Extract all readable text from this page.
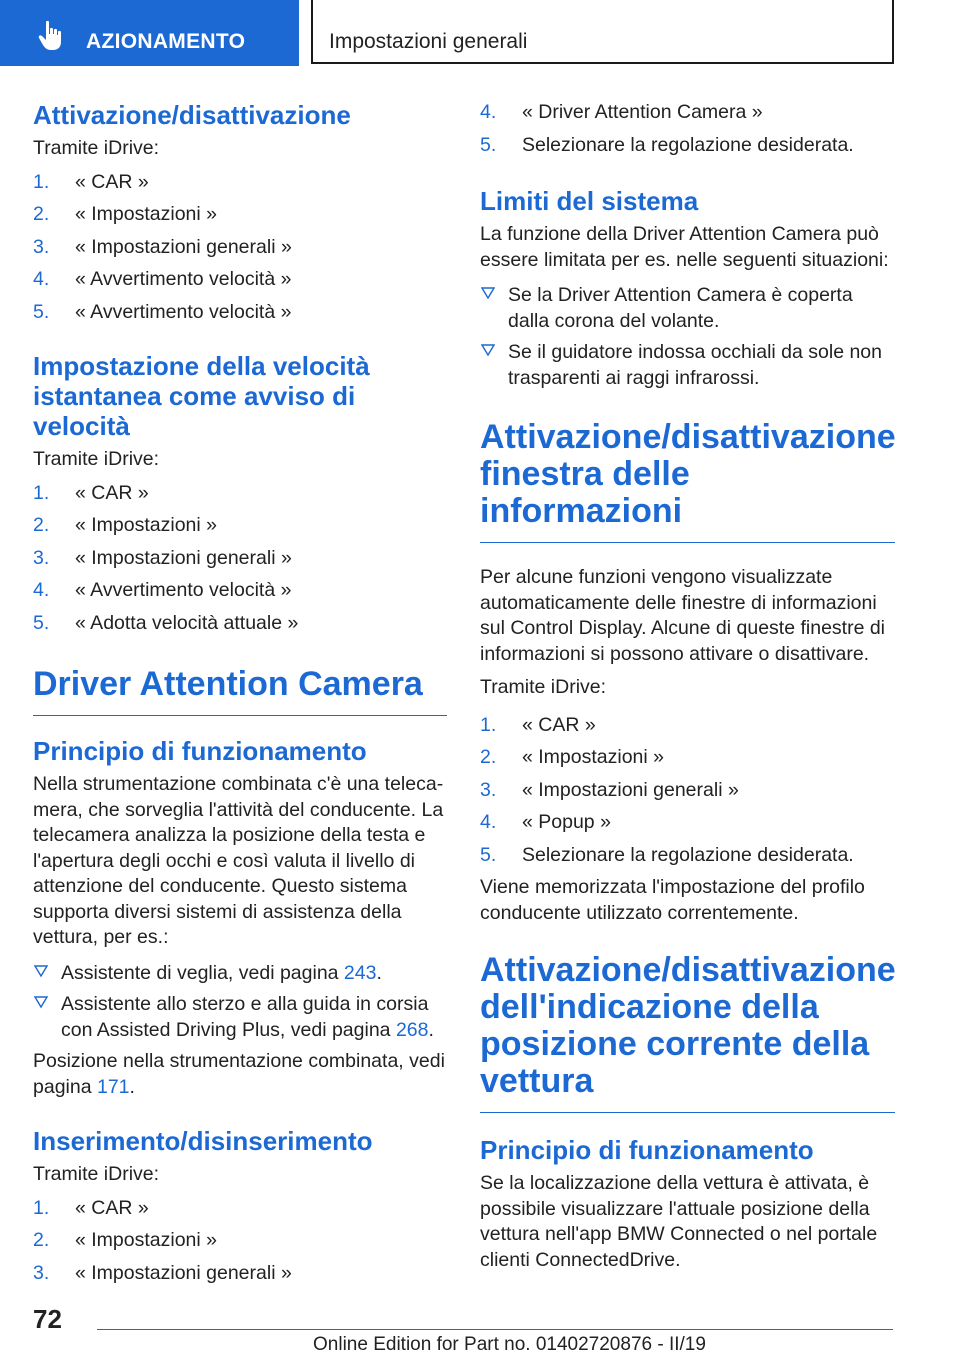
AZIONAMENTO	Impostazioni generali
Attivazione/disattivazione

Tramite iDrive:

1. « CAR »
2. « Impostazioni »
3. « Impostazioni generali »
4. « Avvertimento velocità »
5. « Avvertimento velocità »
Impostazione della velocità istantanea come avviso di velocità

Tramite iDrive:

1. « CAR »
2. « Impostazioni »
3. « Impostazioni generali »
4. « Avvertimento velocità »
5. « Adotta velocità attuale »
Driver Attention Camera
Principio di funzionamento

Nella strumentazione combinata c'è una telecamera, che sorveglia l'attività del conducente. La telecamera analizza la posizione della testa e l'apertura degli occhi e così valuta il livello di attenzione del conducente. Questo sistema supporta diversi sistemi di assistenza della vettura, per es.:

Assistente di veglia, vedi pagina 243.
Assistente allo sterzo e alla guida in corsia con Assisted Driving Plus, vedi pagina 268.

Posizione nella strumentazione combinata, vedi pagina 171.

Inserimento/disinserimento

Tramite iDrive:

1. « CAR »
2. « Impostazioni »
3. « Impostazioni generali »
4. « Driver Attention Camera »
5. Selezionare la regolazione desiderata.
Limiti del sistema

La funzione della Driver Attention Camera può essere limitata per es. nelle seguenti situazioni:

Se la Driver Attention Camera è coperta dalla corona del volante.
Se il guidatore indossa occhiali da sole non trasparenti ai raggi infrarossi.
Attivazione/disattivazione finestra delle informazioni

Per alcune funzioni vengono visualizzate automaticamente delle finestre di informazioni sul Control Display. Alcune di queste finestre di informazioni si possono attivare o disattivare.

Tramite iDrive:

1. « CAR »
2. « Impostazioni »
3. « Impostazioni generali »
4. « Popup »
5. Selezionare la regolazione desiderata.

Viene memorizzata l'impostazione del profilo conducente utilizzato correntemente.

Attivazione/disattivazione dell'indicazione della posizione corrente della vettura
Principio di funzionamento

Se la localizzazione della vettura è attivata, è possibile visualizzare l'attuale posizione della vettura nell'app BMW Connected o nel portale clienti ConnectedDrive.

72
Online Edition for Part no. 01402720876 - II/19
